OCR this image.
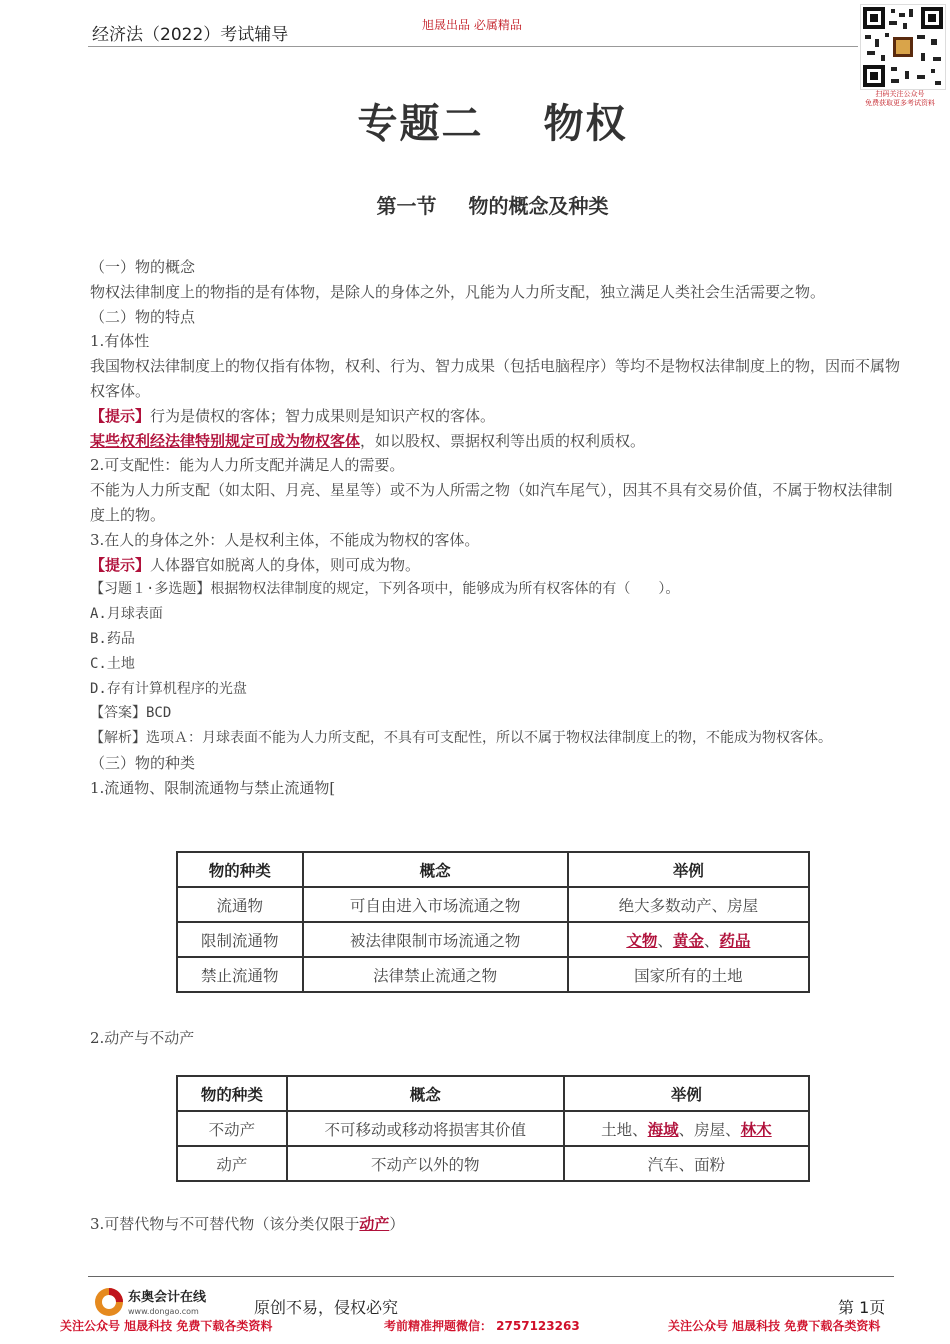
经济法（2022）考试辅导	旭晟出品 必属精品
扫码关注公众号
免费获取更多考试资料
专题二 物权
第一节 物的概念及种类

（一）物的概念

物权法律制度上的物指的是有体物，是除人的身体之外，凡能为人力所支配，独立满足人类社会生活需要之物。

（二）物的特点

1.有体性

我国物权法律制度上的物仅指有体物，权利、行为、智力成果（包括电脑程序）等均不是物权法律制度上的物，因而不属物权客体。

【提示】行为是债权的客体；智力成果则是知识产权的客体。

某些权利经法律特别规定可成为物权客体，如以股权、票据权利等出质的权利质权。

2.可支配性：能为人力所支配并满足人的需要。

不能为人力所支配（如太阳、月亮、星星等）或不为人所需之物（如汽车尾气），因其不具有交易价值，不属于物权法律制度上的物。

3.在人的身体之外：人是权利主体，不能成为物权的客体。

【提示】人体器官如脱离人的身体，则可成为物。

【习题１·多选题】根据物权法律制度的规定，下列各项中，能够成为所有权客体的有（　　）。

A.月球表面

B.药品

C.土地

D.存有计算机程序的光盘

【答案】BCD

【解析】选项Ａ：月球表面不能为人力所支配，不具有可支配性，所以不属于物权法律制度上的物，不能成为物权客体。

（三）物的种类

1.流通物、限制流通物与禁止流通物[

物的种类	概念	举例
流通物	可自由进入市场流通之物	绝大多数动产、房屋
限制流通物	被法律限制市场流通之物	文物、黄金、药品
禁止流通物	法律禁止流通之物	国家所有的土地
2.动产与不动产
物的种类	概念	举例
不动产	不可移动或移动将损害其价值	土地、海域、房屋、林木
动产	不动产以外的物	汽车、面粉
3.可替代物与不可替代物（该分类仅限于动产）
东奥会计在线
www.dongao.com	原创不易，侵权必究	第 1页
关注公众号 旭晟科技 免费下载各类资料	考前精准押题微信： 2757123263	关注公众号 旭晟科技 免费下载各类资料
